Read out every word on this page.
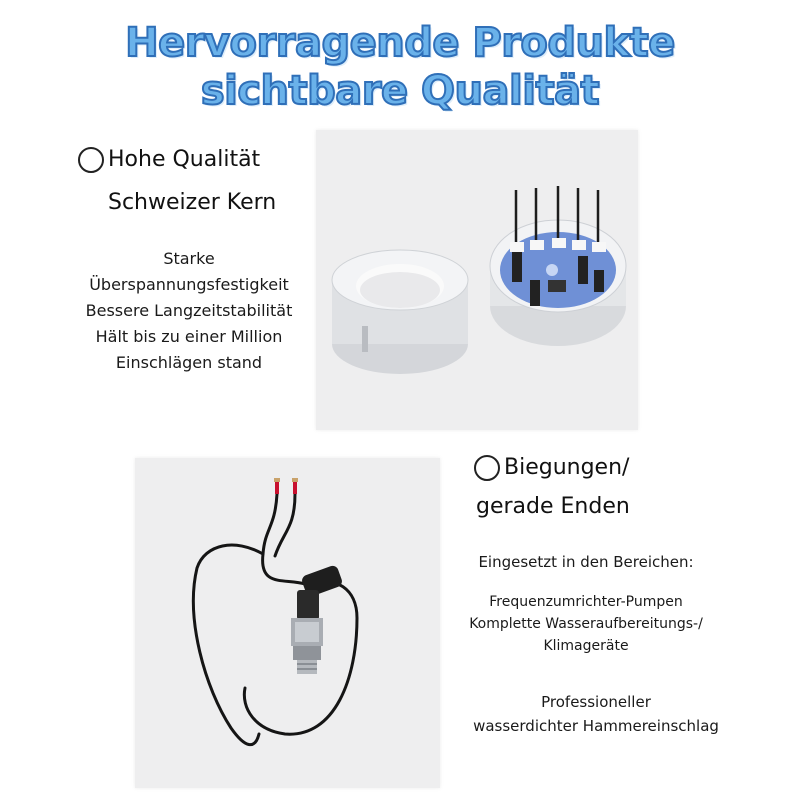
Hervorragende Produkte
sichtbare Qualität
Hohe Qualität
Schweizer Kern
Starke
Überspannungsfestigkeit
Bessere Langzeitstabilität
Hält bis zu einer Million
Einschlägen stand
Biegungen/
gerade Enden
Eingesetzt in den Bereichen:
Frequenzumrichter-Pumpen
Komplette Wasseraufbereitungs-/
Klimageräte
Professioneller
wasserdichter Hammereinschlag
